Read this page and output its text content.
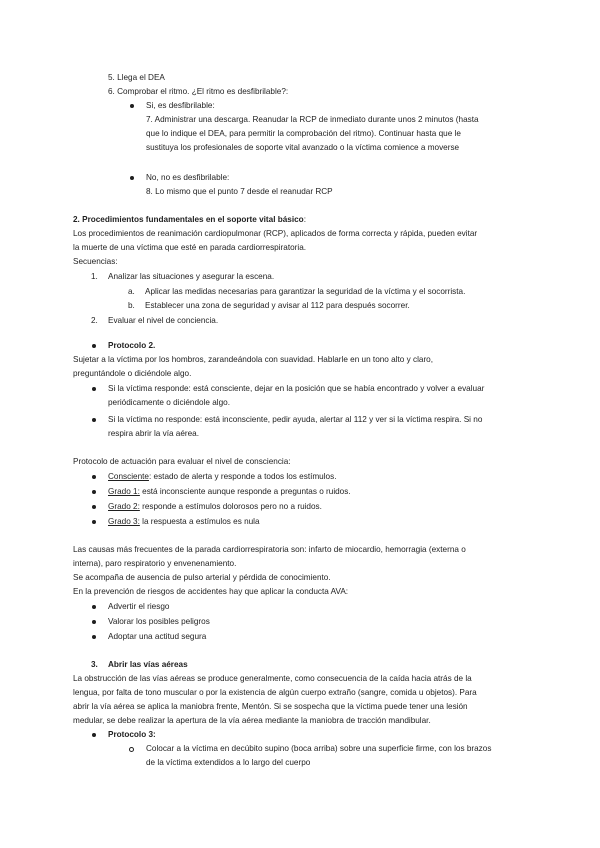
5. Llega el DEA
6. Comprobar el ritmo. ¿El ritmo es desfibrilable?:
Si, es desfibrilable:
7. Administrar una descarga. Reanudar la RCP de inmediato durante unos 2 minutos (hasta
que lo indique el DEA, para permitir la comprobación del ritmo). Continuar hasta que le
sustituya los profesionales de soporte vital avanzado o la víctima comience a moverse
No, no es desfibrilable:
8. Lo mismo que el punto 7 desde el reanudar RCP
2. Procedimientos fundamentales en el soporte vital básico:
Los procedimientos de reanimación cardiopulmonar (RCP), aplicados de forma correcta y rápida, pueden evitar
la muerte de una víctima que esté en parada cardiorrespiratoria.
Secuencias:
1. Analizar las situaciones y asegurar la escena.
a. Aplicar las medidas necesarias para garantizar la seguridad de la víctima y el socorrista.
b. Establecer una zona de seguridad y avisar al 112 para después socorrer.
2. Evaluar el nivel de conciencia.
Protocolo 2.
Sujetar a la víctima por los hombros, zarandeándola con suavidad. Hablarle en un tono alto y claro,
preguntándole o diciéndole algo.
Si la víctima responde: está consciente, dejar en la posición que se había encontrado y volver a evaluar
periódicamente o diciéndole algo.
Si la víctima no responde: está inconsciente, pedir ayuda, alertar al 112 y ver si la víctima respira. Si no
respira abrir la vía aérea.
Protocolo de actuación para evaluar el nivel de consciencia:
Consciente: estado de alerta y responde a todos los estímulos.
Grado 1: está inconsciente aunque responde a preguntas o ruidos.
Grado 2: responde a estímulos dolorosos pero no a ruidos.
Grado 3: la respuesta a estímulos es nula
Las causas más frecuentes de la parada cardiorrespiratoria son: infarto de miocardio, hemorragia (externa o
interna), paro respiratorio y envenenamiento.
Se acompaña de ausencia de pulso arterial y pérdida de conocimiento.
En la prevención de riesgos de accidentes hay que aplicar la conducta AVA:
Advertir el riesgo
Valorar los posibles peligros
Adoptar una actitud segura
3. Abrir las vías aéreas
La obstrucción de las vías aéreas se produce generalmente, como consecuencia de la caída hacia atrás de la
lengua, por falta de tono muscular o por la existencia de algún cuerpo extraño (sangre, comida u objetos). Para
abrir la vía aérea se aplica la maniobra frente, Mentón. Si se sospecha que la víctima puede tener una lesión
medular, se debe realizar la apertura de la vía aérea mediante la maniobra de tracción mandibular.
Protocolo 3:
Colocar a la víctima en decúbito supino (boca arriba) sobre una superficie firme, con los brazos
de la víctima extendidos a lo largo del cuerpo
